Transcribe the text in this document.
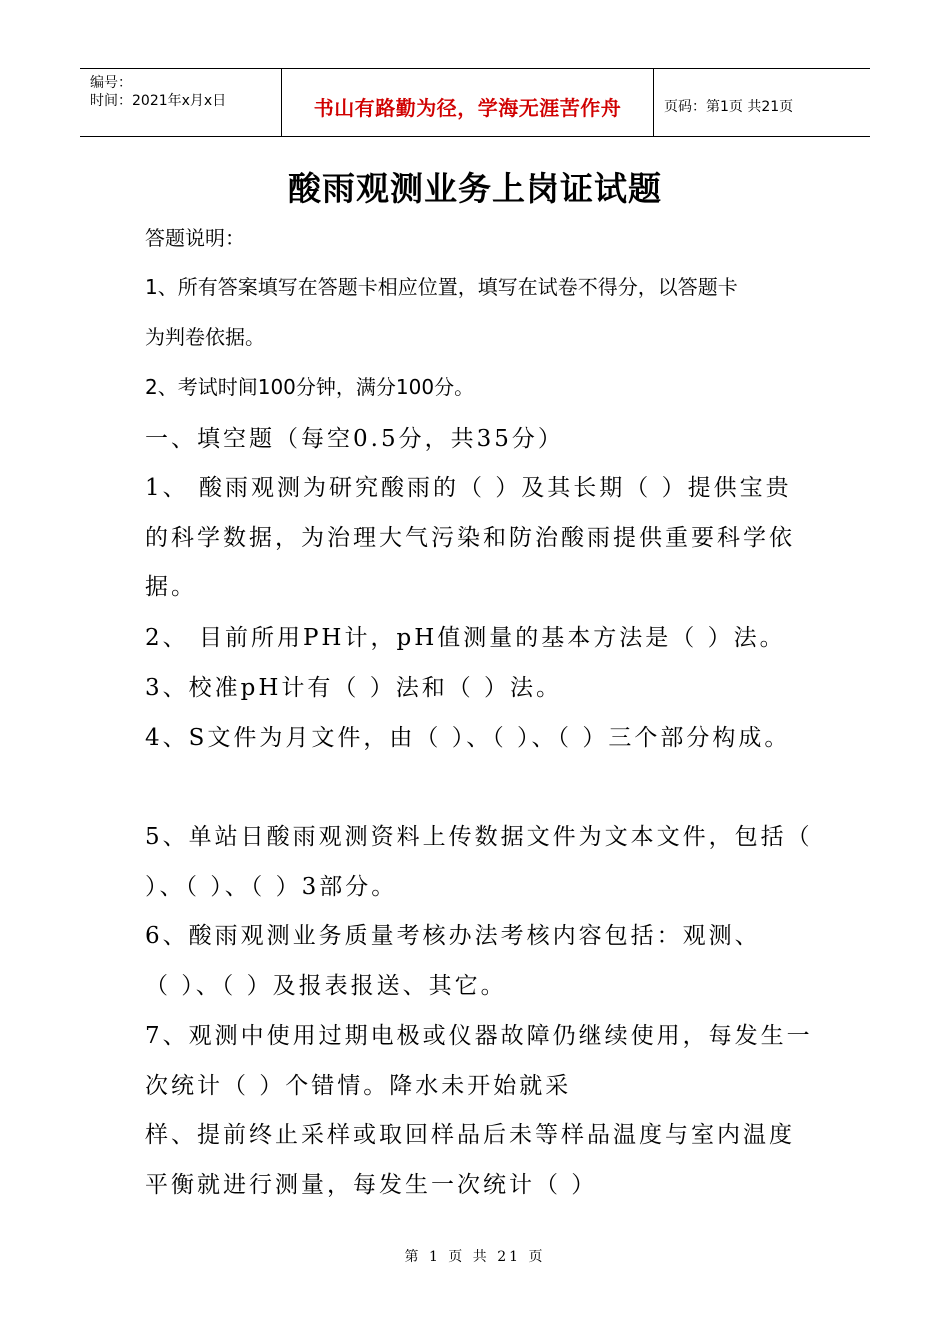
编号：
时间：2021年x月x日	书山有路勤为径，学海无涯苦作舟	页码：第1页 共21页
酸雨观测业务上岗证试题
答题说明：
1、所有答案填写在答题卡相应位置，填写在试卷不得分，以答题卡
为判卷依据。
2、考试时间100分钟，满分100分。
一、填空题（每空0.5分，共35分）
1、 酸雨观测为研究酸雨的（ ）及其长期（ ）提供宝贵
的科学数据，为治理大气污染和防治酸雨提供重要科学依
据。
2、 目前所用PH计，pH值测量的基本方法是（ ）法。
3、校准pH计有（ ）法和（ ）法。
4、S文件为月文件，由（ ）、（ ）、（ ）三个部分构成。
5、单站日酸雨观测资料上传数据文件为文本文件，包括（
）、（ ）、（ ）3部分。
6、酸雨观测业务质量考核办法考核内容包括：观测、
（ ）、（ ）及报表报送、其它。
7、观测中使用过期电极或仪器故障仍继续使用，每发生一
次统计（ ）个错情。降水未开始就采
样、提前终止采样或取回样品后未等样品温度与室内温度
平衡就进行测量，每发生一次统计（ ）
第 1 页 共 21 页
